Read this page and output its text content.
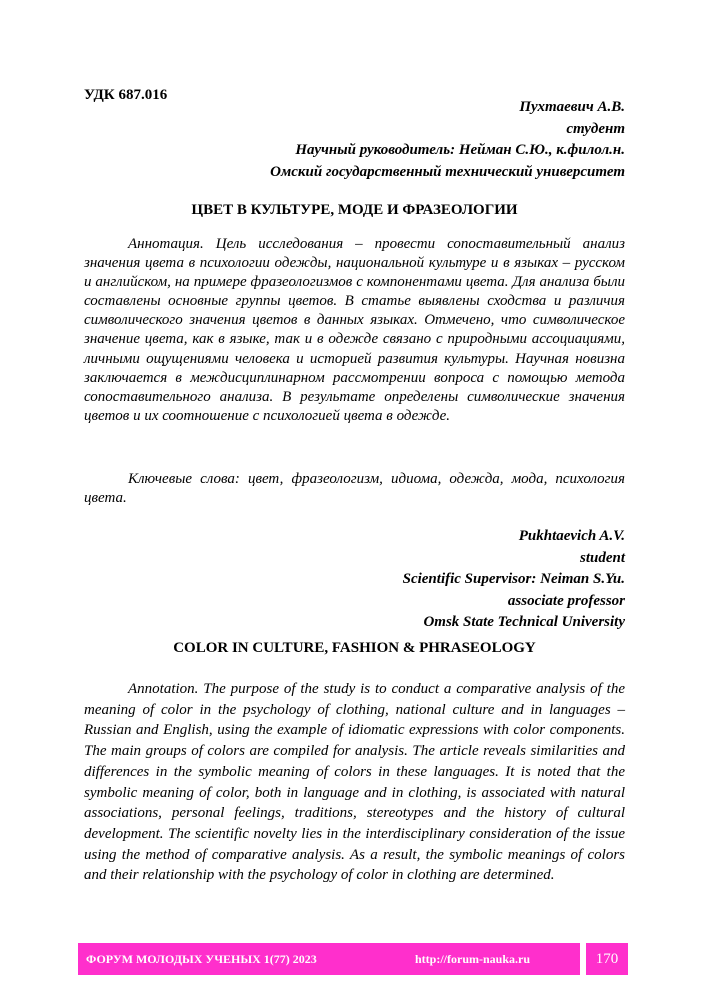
УДК 687.016
Пухтаевич А.В.
студент
Научный руководитель: Нейман С.Ю., к.филол.н.
Омский государственный технический университет
ЦВЕТ В КУЛЬТУРЕ, МОДЕ И ФРАЗЕОЛОГИИ

Аннотация. Цель исследования – провести сопоставительный анализ значения цвета в психологии одежды, национальной культуре и в языках – русском и английском, на примере фразеологизмов с компонентами цвета. Для анализа были составлены основные группы цветов. В статье выявлены сходства и различия символического значения цветов в данных языках. Отмечено, что символическое значение цвета, как в языке, так и в одежде связано с природными ассоциациями, личными ощущениями человека и историей развития культуры. Научная новизна заключается в междисциплинарном рассмотрении вопроса с помощью метода сопоставительного анализа. В результате определены символические значения цветов и их соотношение с психологией цвета в одежде.

Ключевые слова: цвет, фразеологизм, идиома, одежда, мода, психология цвета.

Pukhtaevich A.V.
student
Scientific Supervisor: Neiman S.Yu.
associate professor
Omsk State Technical University
COLOR IN CULTURE, FASHION & PHRASEOLOGY

Annotation. The purpose of the study is to conduct a comparative analysis of the meaning of color in the psychology of clothing, national culture and in languages – Russian and English, using the example of idiomatic expressions with color components. The main groups of colors are compiled for analysis. The article reveals similarities and differences in the symbolic meaning of colors in these languages. It is noted that the symbolic meaning of color, both in language and in clothing, is associated with natural associations, personal feelings, traditions, stereotypes and the history of cultural development. The scientific novelty lies in the interdisciplinary consideration of the issue using the method of comparative analysis. As a result, the symbolic meanings of colors and their relationship with the psychology of color in clothing are determined.

ФОРУМ МОЛОДЫХ УЧЕНЫХ 1(77) 2023	http://forum-nauka.ru	170
